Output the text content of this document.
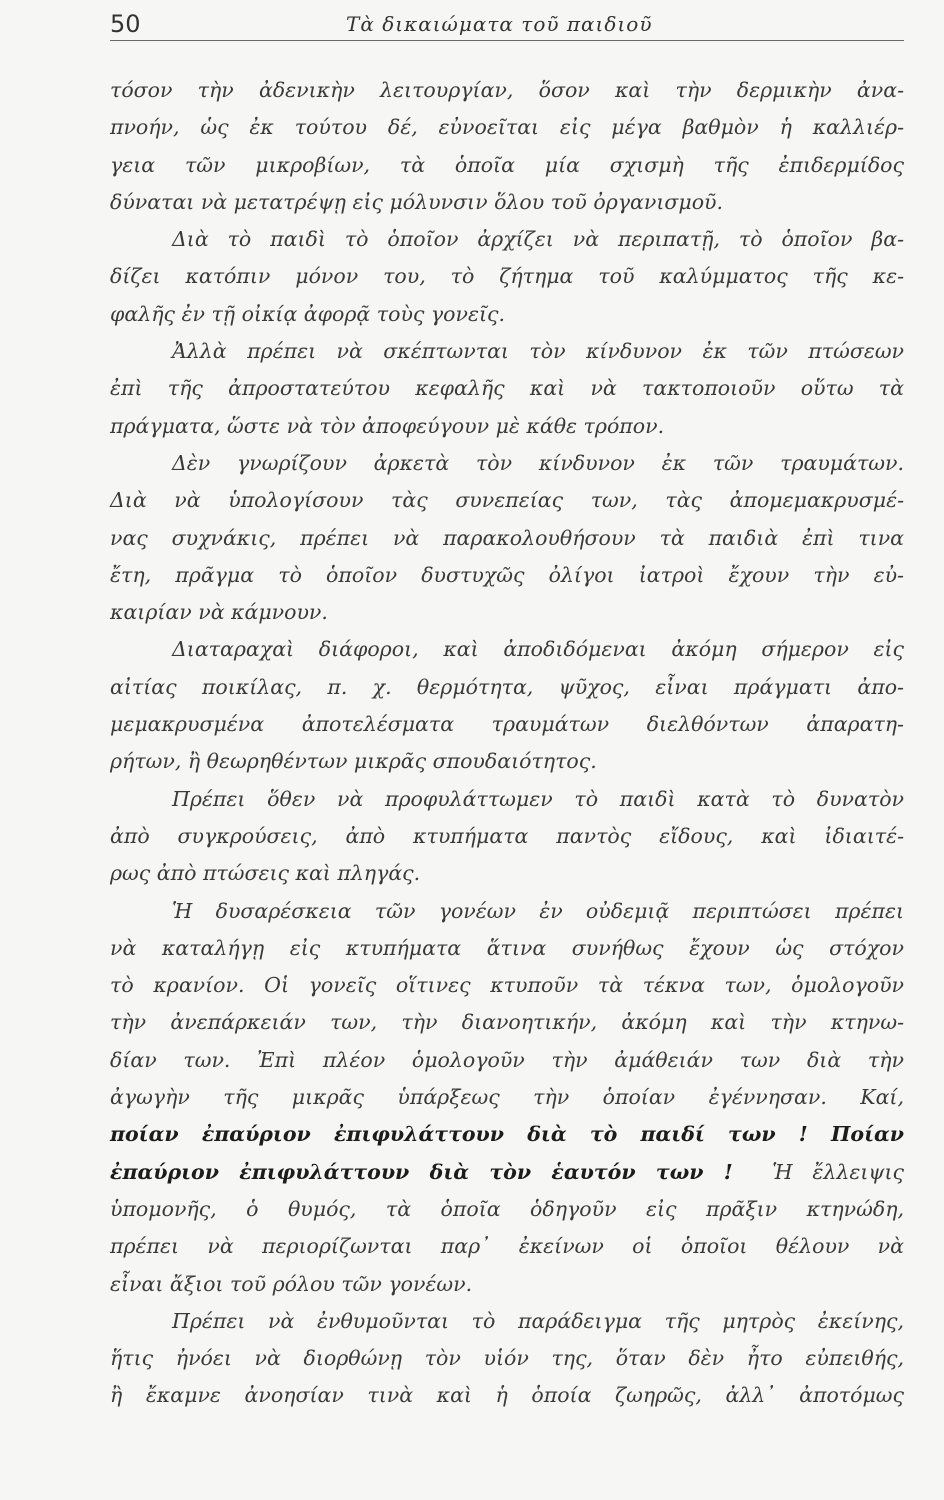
50	Τὰ δικαιώματα τοῦ παιδιοῦ
τόσον τὴν ἀδενικὴν λειτουργίαν, ὅσον καὶ τὴν δερμικὴν ἀνα-
πνοήν, ὡς ἐκ τούτου δέ, εὐνοεῖται εἰς μέγα βαθμὸν ἡ καλλιέρ-
γεια τῶν μικροβίων, τὰ ὁποῖα μία σχισμὴ τῆς ἐπιδερμίδος
δύναται νὰ μετατρέψῃ εἰς μόλυνσιν ὅλου τοῦ ὀργανισμοῦ.
Διὰ τὸ παιδὶ τὸ ὁποῖον ἀρχίζει νὰ περιπατῇ, τὸ ὁποῖον βα-
δίζει κατόπιν μόνον του, τὸ ζήτημα τοῦ καλύμματος τῆς κε-
φαλῆς ἐν τῇ οἰκίᾳ ἀφορᾷ τοὺς γονεῖς.
Ἀλλὰ πρέπει νὰ σκέπτωνται τὸν κίνδυνον ἐκ τῶν πτώσεων
ἐπὶ τῆς ἀπροστατεύτου κεφαλῆς καὶ νὰ τακτοποιοῦν οὕτω τὰ
πράγματα, ὥστε νὰ τὸν ἀποφεύγουν μὲ κάθε τρόπον.
Δὲν γνωρίζουν ἀρκετὰ τὸν κίνδυνον ἐκ τῶν τραυμάτων.
Διὰ νὰ ὑπολογίσουν τὰς συνεπείας των, τὰς ἀπομεμακρυσμέ-
νας συχνάκις, πρέπει νὰ παρακολουθήσουν τὰ παιδιὰ ἐπὶ τινα
ἔτη, πρᾶγμα τὸ ὁποῖον δυστυχῶς ὀλίγοι ἰατροὶ ἔχουν τὴν εὐ-
καιρίαν νὰ κάμνουν.
Διαταραχαὶ διάφοροι, καὶ ἀποδιδόμεναι ἀκόμη σήμερον εἰς
αἰτίας ποικίλας, π. χ. θερμότητα, ψῦχος, εἶναι πράγματι ἀπο-
μεμακρυσμένα ἀποτελέσματα τραυμάτων διελθόντων ἀπαρατη-
ρήτων, ἢ θεωρηθέντων μικρᾶς σπουδαιότητος.
Πρέπει ὅθεν νὰ προφυλάττωμεν τὸ παιδὶ κατὰ τὸ δυνατὸν
ἀπὸ συγκρούσεις, ἀπὸ κτυπήματα παντὸς εἴδους, καὶ ἰδιαιτέ-
ρως ἀπὸ πτώσεις καὶ πληγάς.
Ἡ δυσαρέσκεια τῶν γονέων ἐν οὐδεμιᾷ περιπτώσει πρέπει
νὰ καταλήγῃ εἰς κτυπήματα ἅτινα συνήθως ἔχουν ὡς στόχον
τὸ κρανίον. Οἱ γονεῖς οἵτινες κτυποῦν τὰ τέκνα των, ὁμολογοῦν
τὴν ἀνεπάρκειάν των, τὴν διανοητικήν, ἀκόμη καὶ τὴν κτηνω-
δίαν των. Ἐπὶ πλέον ὁμολογοῦν τὴν ἀμάθειάν των διὰ τὴν
ἀγωγὴν τῆς μικρᾶς ὑπάρξεως τὴν ὁποίαν ἐγέννησαν. Καί,
ποίαν ἐπαύριον ἐπιφυλάττουν διὰ τὸ παιδί των ! Ποίαν
ἐπαύριον ἐπιφυλάττουν διὰ τὸν ἑαυτόν των ! Ἡ ἔλλειψις
ὑπομονῆς, ὁ θυμός, τὰ ὁποῖα ὁδηγοῦν εἰς πρᾶξιν κτηνώδη,
πρέπει νὰ περιορίζωνται παρ᾿ ἐκείνων οἱ ὁποῖοι θέλουν νὰ
εἶναι ἄξιοι τοῦ ρόλου τῶν γονέων.
Πρέπει νὰ ἐνθυμοῦνται τὸ παράδειγμα τῆς μητρὸς ἐκείνης,
ἥτις ἠνόει νὰ διορθώνῃ τὸν υἱόν της, ὅταν δὲν ἦτο εὐπειθής,
ἢ ἔκαμνε ἀνοησίαν τινὰ καὶ ἡ ὁποία ζωηρῶς, ἀλλ᾿ ἀποτόμως
